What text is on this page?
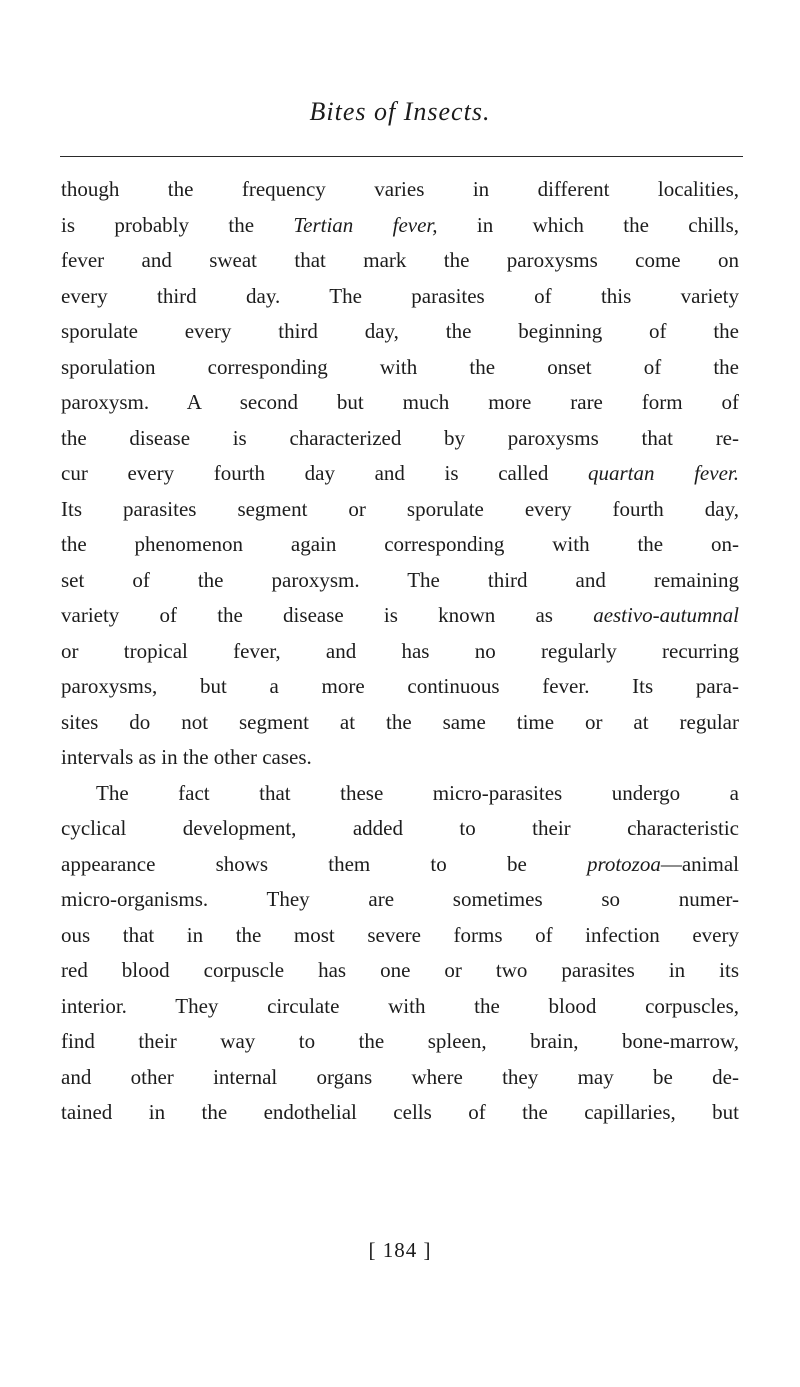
Bites of Insects.
though the frequency varies in different localities,
is probably the Tertian fever, in which the chills,
fever and sweat that mark the paroxysms come on
every third day. The parasites of this variety
sporulate every third day, the beginning of the
sporulation corresponding with the onset of the
paroxysm. A second but much more rare form of
the disease is characterized by paroxysms that re-
cur every fourth day and is called quartan fever.
Its parasites segment or sporulate every fourth day,
the phenomenon again corresponding with the on-
set of the paroxysm. The third and remaining
variety of the disease is known as aestivo-autumnal
or tropical fever, and has no regularly recurring
paroxysms, but a more continuous fever. Its para-
sites do not segment at the same time or at regular
intervals as in the other cases.
The fact that these micro-parasites undergo a
cyclical development, added to their characteristic
appearance shows them to be protozoa—animal
micro-organisms. They are sometimes so numer-
ous that in the most severe forms of infection every
red blood corpuscle has one or two parasites in its
interior. They circulate with the blood corpuscles,
find their way to the spleen, brain, bone-marrow,
and other internal organs where they may be de-
tained in the endothelial cells of the capillaries, but
[ 184 ]
